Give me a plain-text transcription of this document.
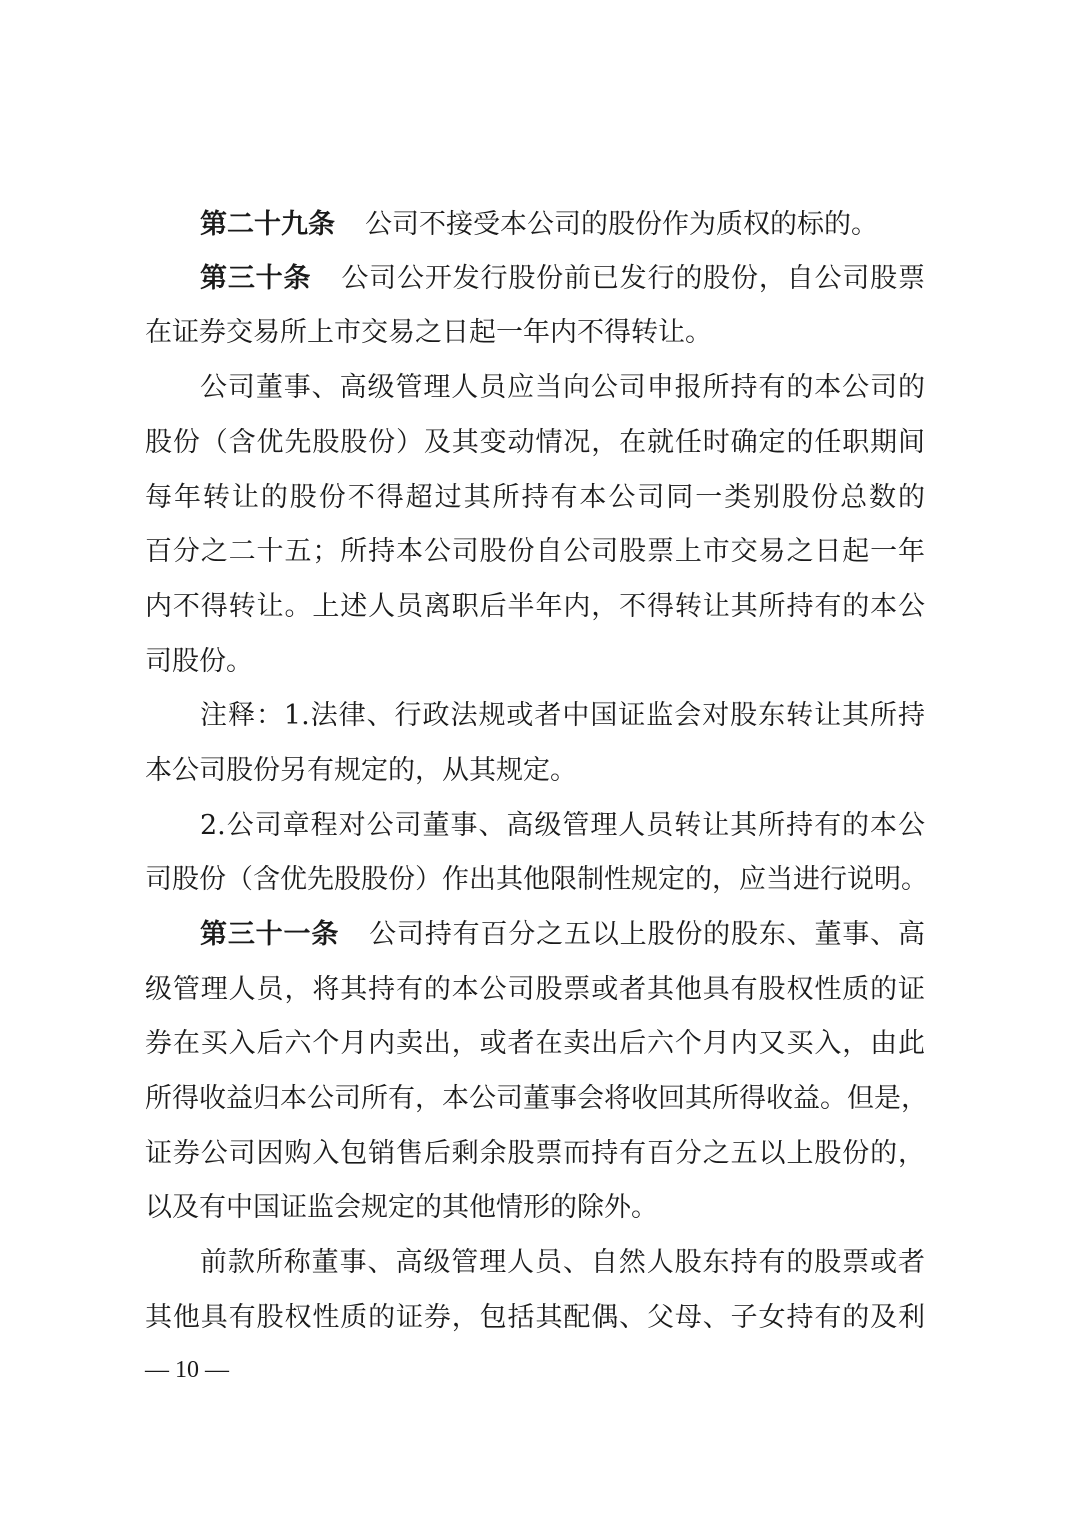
第二十九条 公司不接受本公司的股份作为质权的标的。
第三十条 公司公开发行股份前已发行的股份，自公司股票
在证券交易所上市交易之日起一年内不得转让。
公司董事、高级管理人员应当向公司申报所持有的本公司的
股份（含优先股股份）及其变动情况，在就任时确定的任职期间
每年转让的股份不得超过其所持有本公司同一类别股份总数的
百分之二十五；所持本公司股份自公司股票上市交易之日起一年
内不得转让。上述人员离职后半年内，不得转让其所持有的本公
司股份。
注释：1.法律、行政法规或者中国证监会对股东转让其所持
本公司股份另有规定的，从其规定。
2.公司章程对公司董事、高级管理人员转让其所持有的本公
司股份（含优先股股份）作出其他限制性规定的，应当进行说明。
第三十一条 公司持有百分之五以上股份的股东、董事、高
级管理人员，将其持有的本公司股票或者其他具有股权性质的证
券在买入后六个月内卖出，或者在卖出后六个月内又买入，由此
所得收益归本公司所有，本公司董事会将收回其所得收益。但是，
证券公司因购入包销售后剩余股票而持有百分之五以上股份的，
以及有中国证监会规定的其他情形的除外。
前款所称董事、高级管理人员、自然人股东持有的股票或者
其他具有股权性质的证券，包括其配偶、父母、子女持有的及利
— 10 —
